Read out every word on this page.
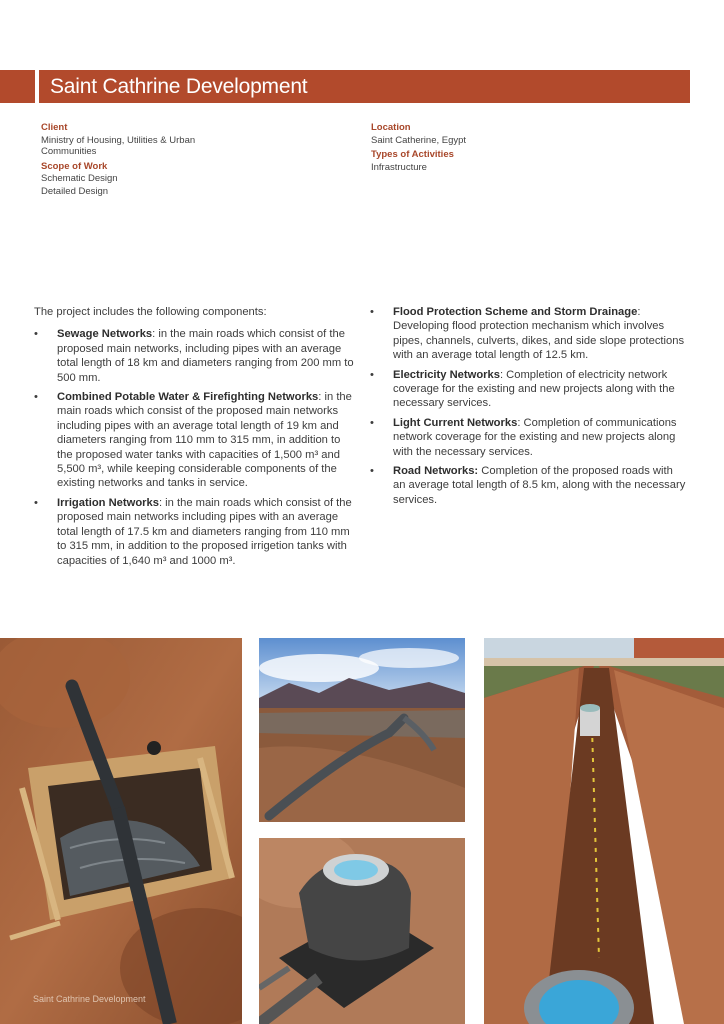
Saint Cathrine Development
Client
Ministry of Housing, Utilities & Urban Communities
Scope of Work
Schematic Design
Detailed Design
Location
Saint Catherine, Egypt
Types of Activities
Infrastructure

The project includes the following components:

• Sewage Networks: in the main roads which consist of the proposed main networks, including pipes with an average total length of 18 km and diameters ranging from 200 mm to 500 mm.
• Combined Potable Water & Firefighting Networks: in the main roads which consist of the proposed main networks including pipes with an average total length of 19 km and diameters ranging from 110 mm to 315 mm, in addition to the proposed water tanks with capacities of 1,500 m³ and 5,500 m³, while keeping considerable components of the existing networks and tanks in service.
• Irrigation Networks: in the main roads which consist of the proposed main networks including pipes with an average total length of 17.5 km and diameters ranging from 110 mm to 315 mm, in addition to the proposed irrigetion tanks with capacities of 1,640 m³ and 1000 m³.
• Flood Protection Scheme and Storm Drainage: Developing flood protection mechanism which involves pipes, channels, culverts, dikes, and side slope protections with an average total length of 12.5 km.
• Electricity Networks: Completion of electricity network coverage for the existing and new projects along with the necessary services.
• Light Current Networks: Completion of communications network coverage for the existing and new projects along with the necessary services.
• Road Networks: Completion of the proposed roads with an average total length of 8.5 km, along with the necessary services.
Saint Cathrine Development
